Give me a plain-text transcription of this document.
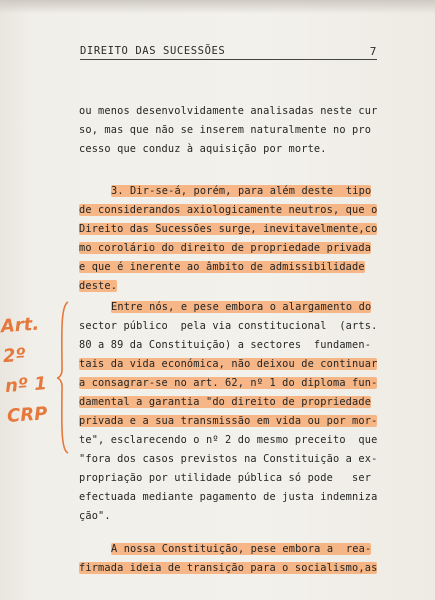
DIREITO DAS SUCESSÕES	7
ou menos desenvolvidamente analisadas neste cur
so, mas que não se inserem naturalmente no pro
cesso que conduz à aquisição por morte.
3. Dir-se-á, porém, para além deste  tipo
de considerandos axiologicamente neutros, que o
Direito das Sucessões surge, inevitavelmente,co
mo corolário do direito de propriedade privada
e que é inerente ao âmbito de admissibilidade
deste.
Entre nós, e pese embora o alargamento do
sector público  pela via constitucional  (arts.
80 a 89 da Constituição) a sectores  fundamen-
tais da vida económica, não deixou de continuar
a consagrar-se no art. 62, nº 1 do diploma fun-
damental a garantia "do direito de propriedade
privada e a sua transmissão em vida ou por mor-
te", esclarecendo o nº 2 do mesmo preceito  que
"fora dos casos previstos na Constituição a ex-
propriação por utilidade pública só pode   ser
efectuada mediante pagamento de justa indemniza
ção".
A nossa Constituição, pese embora a  rea-
firmada ideia de transição para o socialismo,as
Art.
2º
nº 1
CRP
